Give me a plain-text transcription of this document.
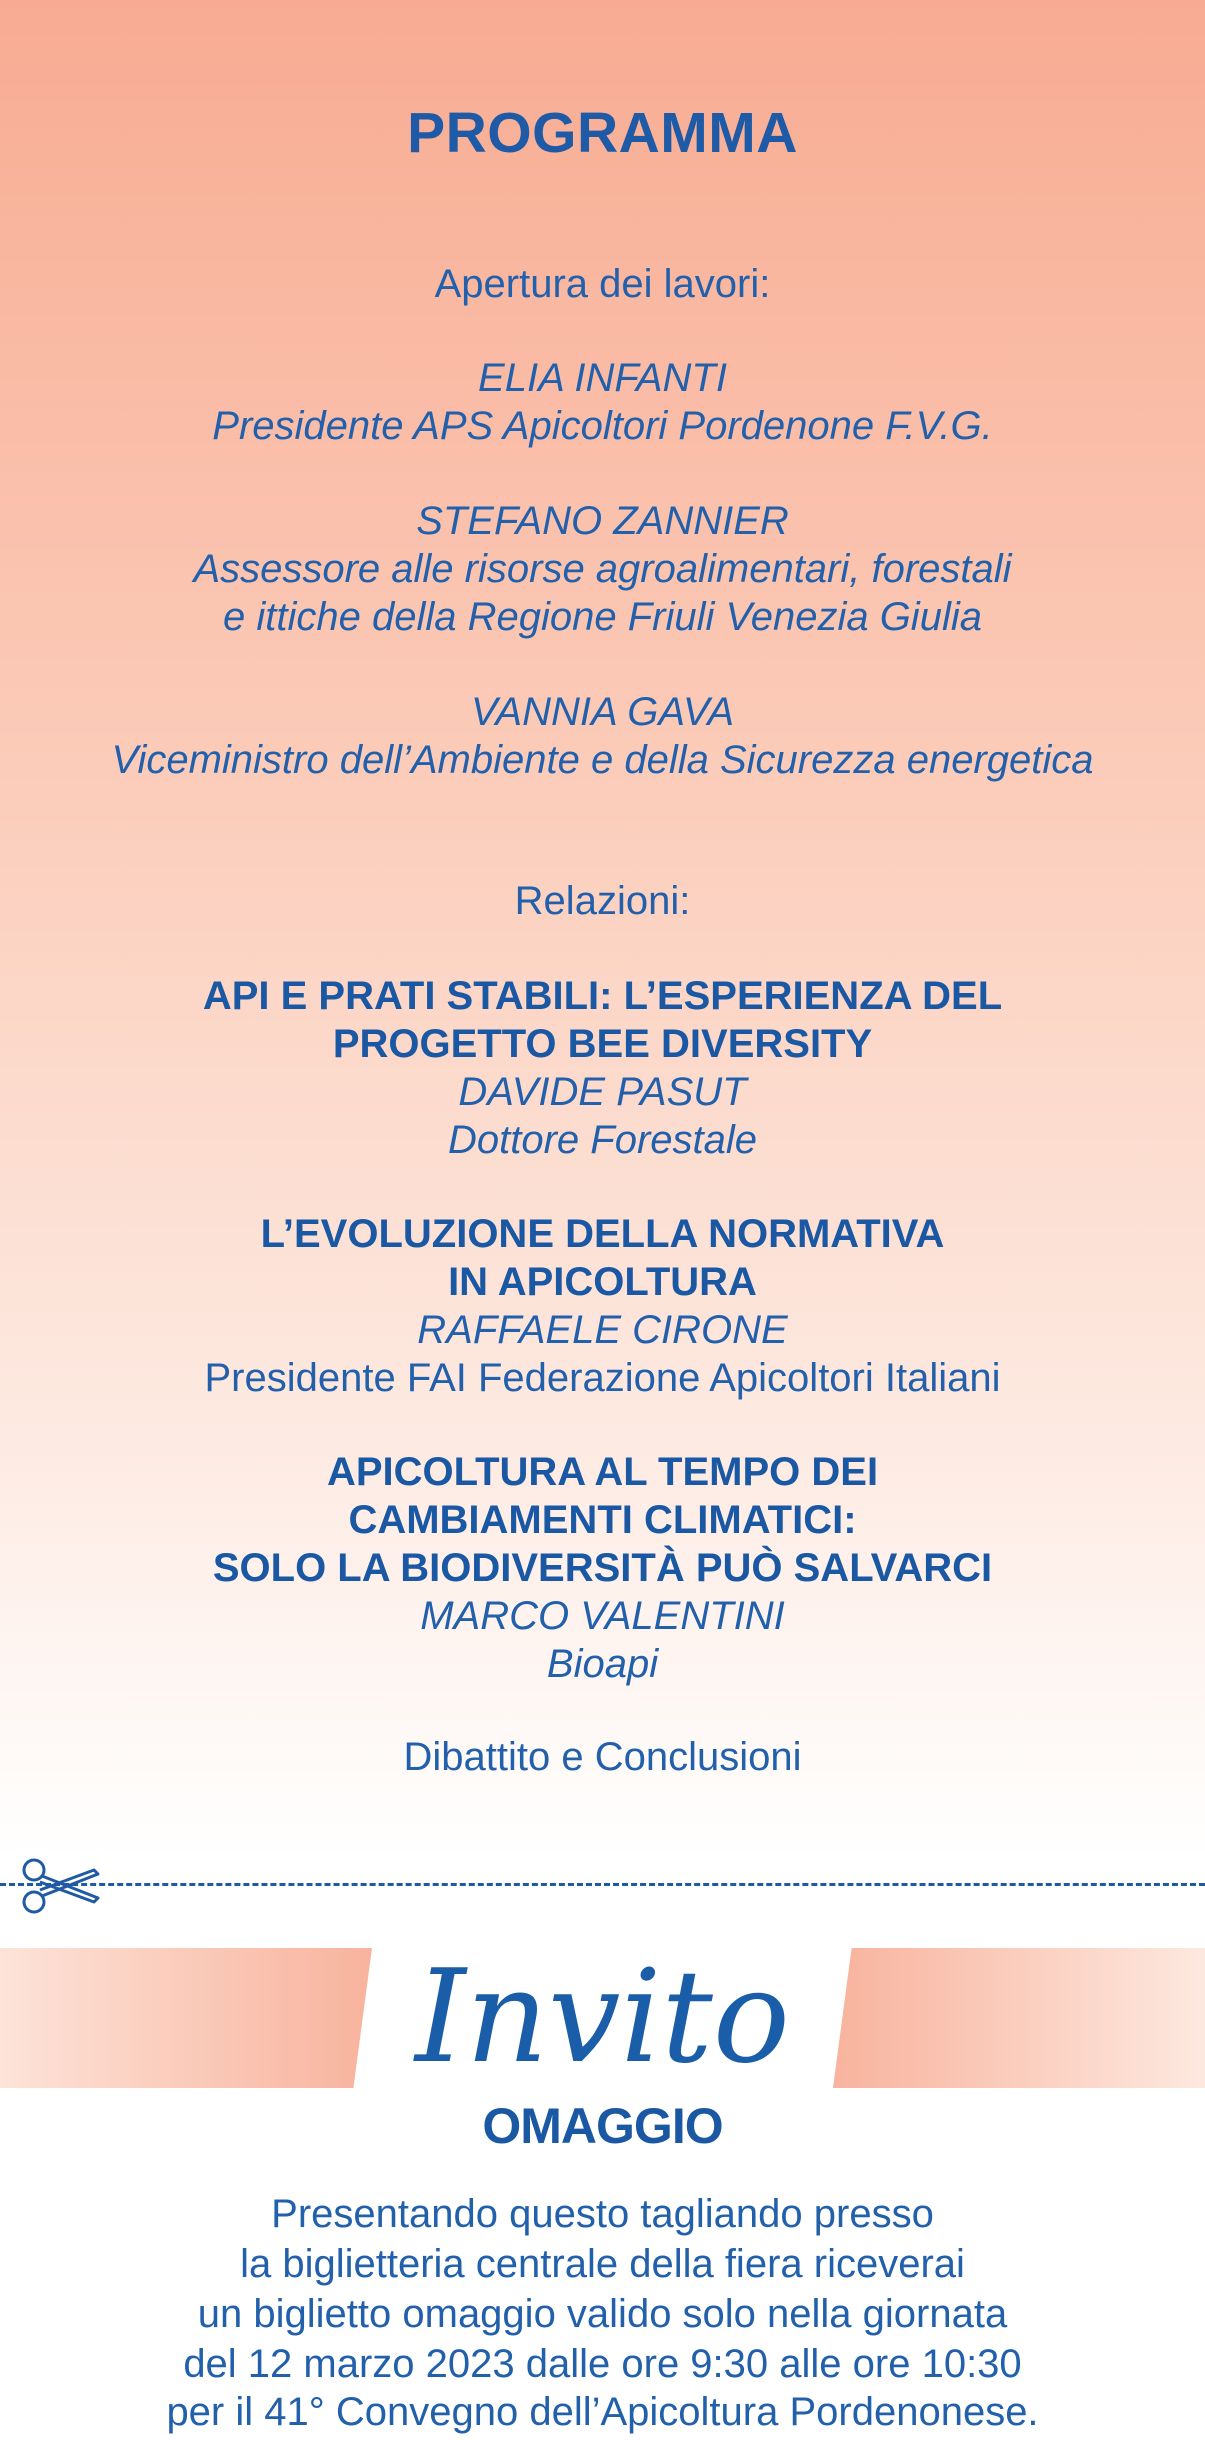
PROGRAMMA
Apertura dei lavori:
ELIA INFANTI
Presidente APS Apicoltori Pordenone F.V.G.
STEFANO ZANNIER
Assessore alle risorse agroalimentari, forestali
e ittiche della Regione Friuli Venezia Giulia
VANNIA GAVA
Viceministro dell’Ambiente e della Sicurezza energetica
Relazioni:
API E PRATI STABILI: L’ESPERIENZA DEL
PROGETTO BEE DIVERSITY
DAVIDE PASUT
Dottore Forestale
L’EVOLUZIONE DELLA NORMATIVA
IN APICOLTURA
RAFFAELE CIRONE
Presidente FAI Federazione Apicoltori Italiani
APICOLTURA AL TEMPO DEI
CAMBIAMENTI CLIMATICI:
SOLO LA BIODIVERSITÀ PUÒ SALVARCI
MARCO VALENTINI
Bioapi
Dibattito e Conclusioni
Invito
OMAGGIO
Presentando questo tagliando presso
la biglietteria centrale della fiera riceverai
un biglietto omaggio valido solo nella giornata
del 12 marzo 2023 dalle ore 9:30 alle ore 10:30
per il 41° Convegno dell’Apicoltura Pordenonese.
